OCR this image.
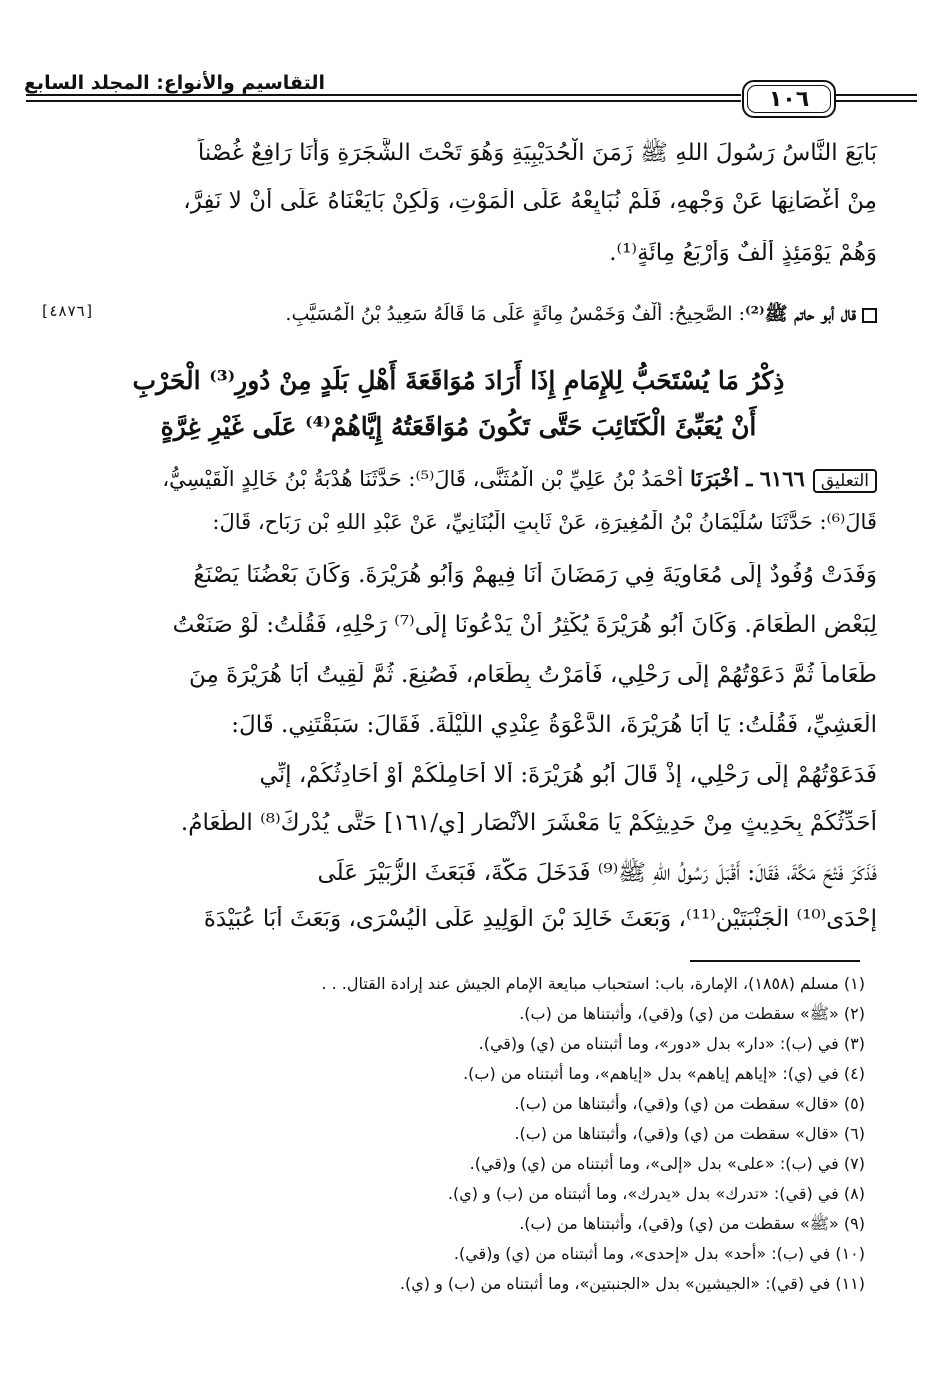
التقاسيم والأنواع: المجلد السابع
١٠٦
بَايَعَ النَّاسُ رَسُولَ اللهِ ﷺ زَمَنَ الْحُدَيْبِيَةِ وَهُوَ تَحْتَ الشَّجَرَةِ وَأَنَا رَافِعٌ غُصْناً
مِنْ أَغْصَانِهَا عَنْ وَجْهِهِ، فَلَمْ نُبَايِعْهُ عَلَى الْمَوْتِ، وَلَكِنْ بَايَعْنَاهُ عَلَى أَنْ لا نَفِرَّ،
وَهُمْ يَوْمَئِذٍ أَلْفٌ وَأَرْبَعُ مِائَةٍ⁽¹⁾.
قال أبو حاتم ﷺ⁽²⁾: الصَّحِيحُ: أَلْفٌ وَخَمْسُ مِائَةٍ عَلَى مَا قَالَهُ سَعِيدُ بْنُ الْمُسَيَّبِ.
[٤٨٧٦]
ذِكْرُ مَا يُسْتَحَبُّ لِلإِمَامِ إِذَا أَرَادَ مُوَاقَعَةَ أَهْلِ بَلَدٍ مِنْ دُورِ⁽³⁾ الْحَرْبِ
أَنْ يُعَبِّئَ الْكَتَائِبَ حَتَّى تَكُونَ مُوَاقَعَتُهُ إِيَّاهُمْ⁽⁴⁾ عَلَى غَيْرِ غِرَّةٍ
التعليق٦١٦٦ ـ أَخْبَرَنَا أَحْمَدُ بْنُ عَلِيِّ بْنِ الْمُثَنَّى، قَالَ⁽⁵⁾: حَدَّثَنَا هُدْبَةُ بْنُ خَالِدٍ الْقَيْسِيُّ،
قَالَ⁽⁶⁾: حَدَّثَنَا سُلَيْمَانُ بْنُ الْمُغِيرَةِ، عَنْ ثَابِتٍ الْبُنَانِيِّ، عَنْ عَبْدِ اللهِ بْنِ رَبَاحٍ، قَالَ:
وَفَدَتْ وُفُودٌ إِلَى مُعَاوِيَةَ فِي رَمَضَانَ أَنَا فِيهِمْ وَأَبُو هُرَيْرَةَ. وَكَانَ بَعْضُنَا يَصْنَعُ
لِبَعْضٍ الطَّعَامَ. وَكَانَ أَبُو هُرَيْرَةَ يُكْثِرُ أَنْ يَدْعُونَا إِلَى⁽⁷⁾ رَحْلِهِ، فَقُلْتُ: لَوْ صَنَعْتُ
طَعَاماً ثُمَّ دَعَوْتُهُمْ إِلَى رَحْلِي، فَأَمَرْتُ بِطَعَامٍ، فَصُنِعَ. ثُمَّ لَقِيتُ أَبَا هُرَيْرَةَ مِنَ
الْعَشِيِّ، فَقُلْتُ: يَا أَبَا هُرَيْرَةَ، الدَّعْوَةُ عِنْدِي اللَّيْلَةَ. فَقَالَ: سَبَقْتَنِي. قَالَ:
فَدَعَوْتُهُمْ إِلَى رَحْلِي، إِذْ قَالَ أَبُو هُرَيْرَةَ: أَلا أُحَامِلُكُمْ أَوْ أُحَادِثُكُمْ، إِنِّي
أُحَدِّثُكُمْ بِحَدِيثٍ مِنْ حَدِيثِكُمْ يَا مَعْشَرَ الأَنْصَارِ [ي/١٦١] حَتَّى يُدْرِكَ⁽⁸⁾ الطَّعَامُ.
فَذَكَرَ فَتْحَ مَكَّةَ، فَقَالَ: أَقْبَلَ رَسُولُ اللهِ ﷺ⁽⁹⁾ فَدَخَلَ مَكَّةَ، فَبَعَثَ الزُّبَيْرَ عَلَى
إِحْدَى⁽¹⁰⁾ الْجَنْبَتَيْنِ⁽¹¹⁾، وَبَعَثَ خَالِدَ بْنَ الْوَلِيدِ عَلَى الْيُسْرَى، وَبَعَثَ أَبَا عُبَيْدَةَ
(١) مسلم (١٨٥٨)، الإمارة، باب: استحباب مبايعة الإمام الجيش عند إرادة القتال. . .
(٢) «ﷺ» سقطت من (ي) و(قي)، وأثبتناها من (ب).
(٣) في (ب): «دار» بدل «دور»، وما أثبتناه من (ي) و(قي).
(٤) في (ي): «إياهم إياهم» بدل «إياهم»، وما أثبتناه من (ب).
(٥) «قال» سقطت من (ي) و(قي)، وأثبتناها من (ب).
(٦) «قال» سقطت من (ي) و(قي)، وأثبتناها من (ب).
(٧) في (ب): «على» بدل «إلى»، وما أثبتناه من (ي) و(قي).
(٨) في (قي): «تدرك» بدل «يدرك»، وما أثبتناه من (ب) و (ي).
(٩) «ﷺ» سقطت من (ي) و(قي)، وأثبتناها من (ب).
(١٠) في (ب): «أحد» بدل «إحدى»، وما أثبتناه من (ي) و(قي).
(١١) في (قي): «الجيشين» بدل «الجنبتين»، وما أثبتناه من (ب) و (ي).
